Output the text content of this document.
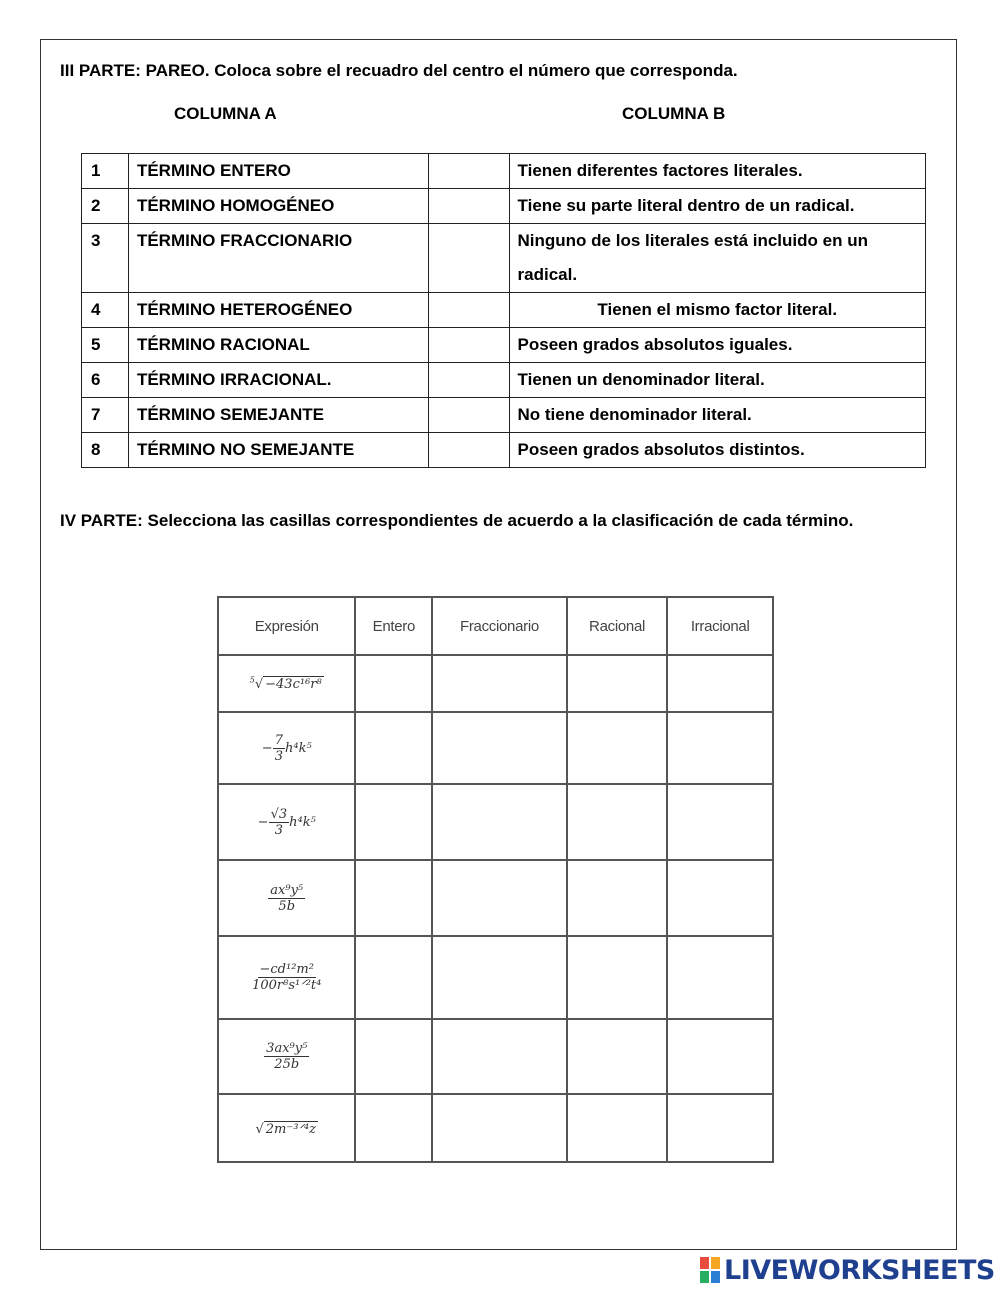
III PARTE: PAREO. Coloca sobre el recuadro del centro el número que corresponda.
COLUMNA A	COLUMNA B
1	TÉRMINO ENTERO		Tienen diferentes factores literales.
2	TÉRMINO HOMOGÉNEO		Tiene su parte literal dentro de un radical.
3	TÉRMINO FRACCIONARIO		Ninguno de los literales está incluido en un radical.
4	TÉRMINO HETEROGÉNEO		Tienen el mismo factor literal.
5	TÉRMINO RACIONAL		Poseen grados absolutos iguales.
6	TÉRMINO IRRACIONAL.		Tienen un denominador literal.
7	TÉRMINO SEMEJANTE		No tiene denominador literal.
8	TÉRMINO NO SEMEJANTE		Poseen grados absolutos distintos.
IV PARTE: Selecciona las casillas correspondientes de acuerdo a la clasificación de cada término.
Expresión	Entero	Fraccionario	Racional	Irracional
$^5$√ −43c¹⁶r⁸	

− $\frac{7}{3} h^4k^5$	

− $\frac{√3}{3} h^4k^5$	

$\frac{\text{ax⁹y⁵}}{5b}$

$\frac{\text{−cd¹²m²}}{\text{100r⁸s¹ᐟ²t⁴}}$

$\frac{\text{3ax⁹y⁵}}{25b}$

√ 2m⁻³ᐟ⁴z	

LIVEWORKSHEETS
